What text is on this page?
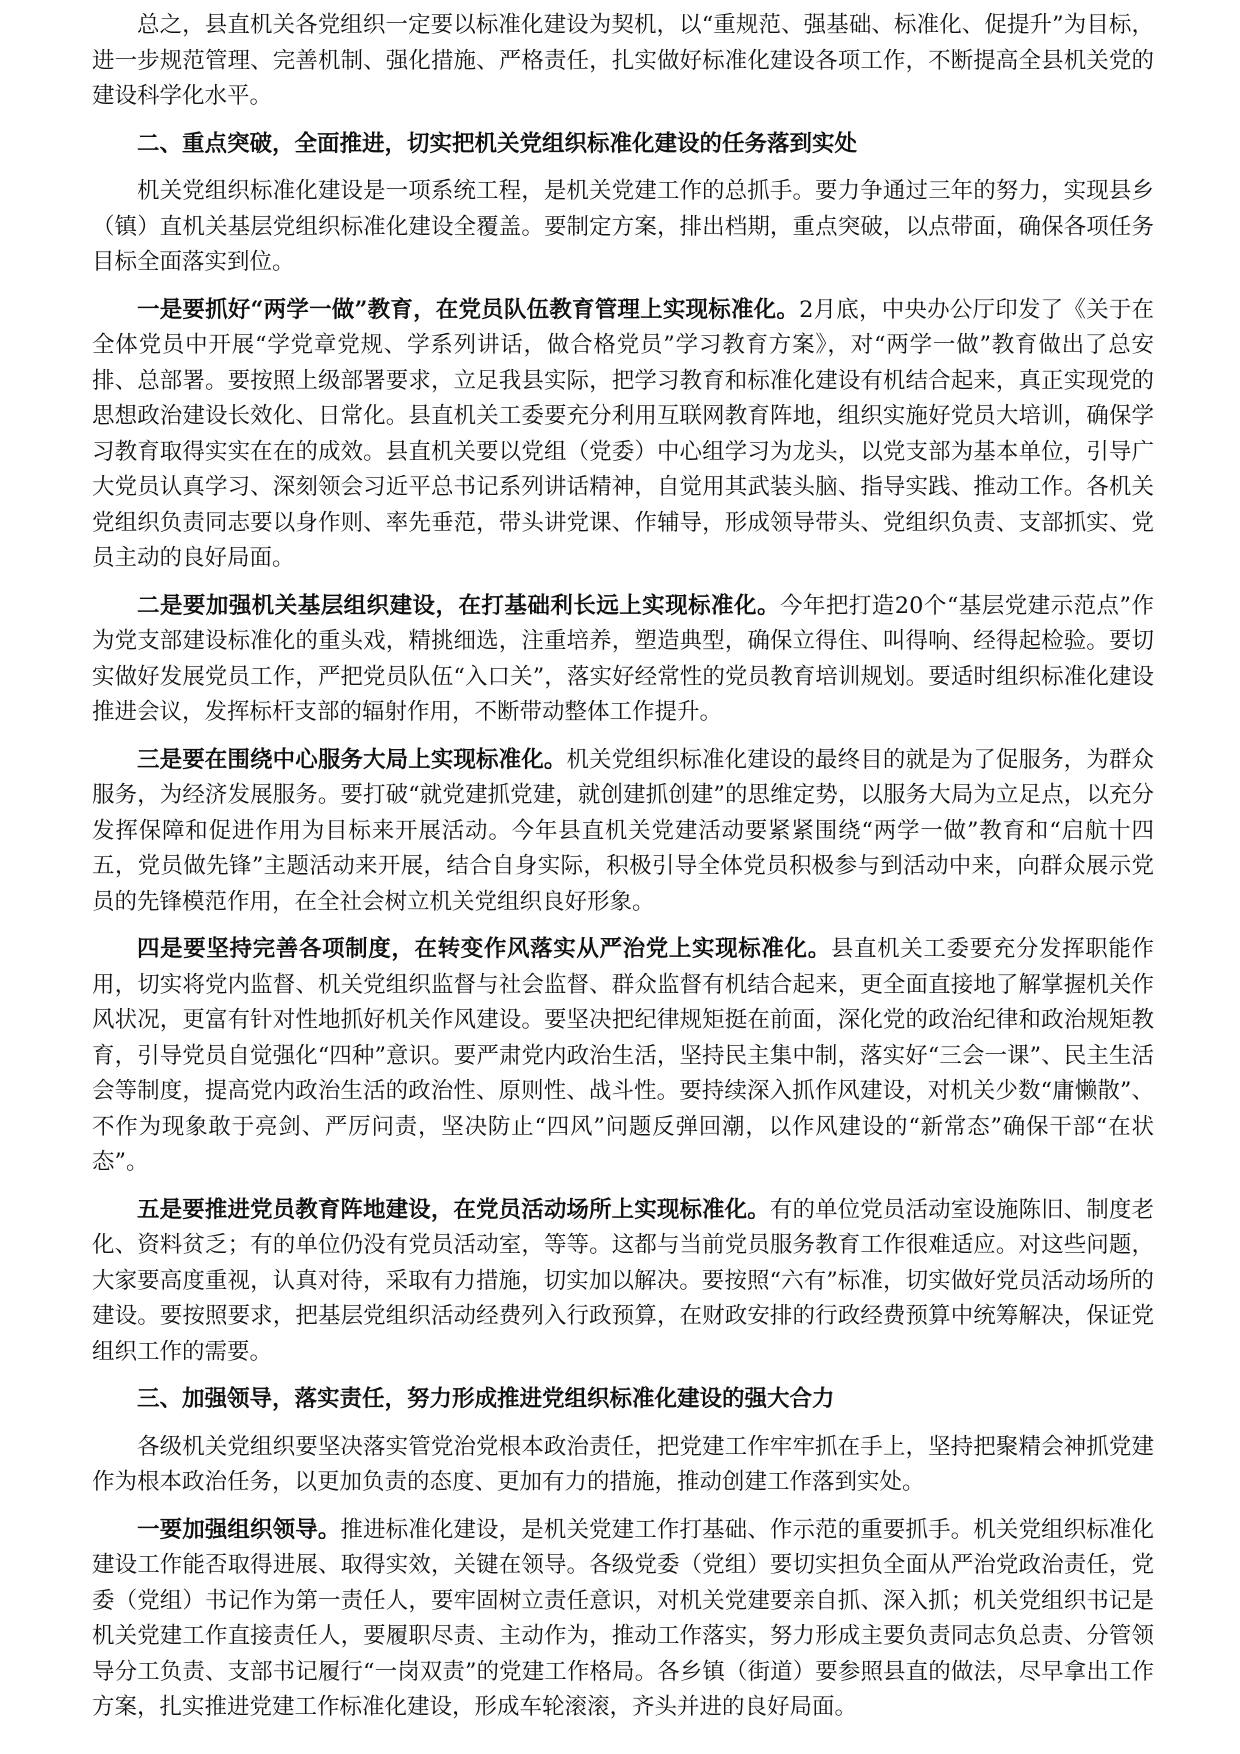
总之，县直机关各党组织一定要以标准化建设为契机，以“重规范、强基础、标准化、促提升”为目标，进一步规范管理、完善机制、强化措施、严格责任，扎实做好标准化建设各项工作，不断提高全县机关党的建设科学化水平。

二、重点突破，全面推进，切实把机关党组织标准化建设的任务落到实处

机关党组织标准化建设是一项系统工程，是机关党建工作的总抓手。要力争通过三年的努力，实现县乡（镇）直机关基层党组织标准化建设全覆盖。要制定方案，排出档期，重点突破，以点带面，确保各项任务目标全面落实到位。

一是要抓好“两学一做”教育，在党员队伍教育管理上实现标准化。2月底，中央办公厅印发了《关于在全体党员中开展“学党章党规、学系列讲话，做合格党员”学习教育方案》，对“两学一做”教育做出了总安排、总部署。要按照上级部署要求，立足我县实际，把学习教育和标准化建设有机结合起来，真正实现党的思想政治建设长效化、日常化。县直机关工委要充分利用互联网教育阵地，组织实施好党员大培训，确保学习教育取得实实在在的成效。县直机关要以党组（党委）中心组学习为龙头，以党支部为基本单位，引导广大党员认真学习、深刻领会习近平总书记系列讲话精神，自觉用其武装头脑、指导实践、推动工作。各机关党组织负责同志要以身作则、率先垂范，带头讲党课、作辅导，形成领导带头、党组织负责、支部抓实、党员主动的良好局面。

二是要加强机关基层组织建设，在打基础利长远上实现标准化。今年把打造20个“基层党建示范点”作为党支部建设标准化的重头戏，精挑细选，注重培养，塑造典型，确保立得住、叫得响、经得起检验。要切实做好发展党员工作，严把党员队伍“入口关”，落实好经常性的党员教育培训规划。要适时组织标准化建设推进会议，发挥标杆支部的辐射作用，不断带动整体工作提升。

三是要在围绕中心服务大局上实现标准化。机关党组织标准化建设的最终目的就是为了促服务，为群众服务，为经济发展服务。要打破“就党建抓党建，就创建抓创建”的思维定势，以服务大局为立足点，以充分发挥保障和促进作用为目标来开展活动。今年县直机关党建活动要紧紧围绕“两学一做”教育和“启航十四五，党员做先锋”主题活动来开展，结合自身实际，积极引导全体党员积极参与到活动中来，向群众展示党员的先锋模范作用，在全社会树立机关党组织良好形象。

四是要坚持完善各项制度，在转变作风落实从严治党上实现标准化。县直机关工委要充分发挥职能作用，切实将党内监督、机关党组织监督与社会监督、群众监督有机结合起来，更全面直接地了解掌握机关作风状况，更富有针对性地抓好机关作风建设。要坚决把纪律规矩挺在前面，深化党的政治纪律和政治规矩教育，引导党员自觉强化“四种”意识。要严肃党内政治生活，坚持民主集中制，落实好“三会一课”、民主生活会等制度，提高党内政治生活的政治性、原则性、战斗性。要持续深入抓作风建设，对机关少数“庸懒散”、不作为现象敢于亮剑、严厉问责，坚决防止“四风”问题反弹回潮，以作风建设的“新常态”确保干部“在状态”。

五是要推进党员教育阵地建设，在党员活动场所上实现标准化。有的单位党员活动室设施陈旧、制度老化、资料贫乏；有的单位仍没有党员活动室，等等。这都与当前党员服务教育工作很难适应。对这些问题，大家要高度重视，认真对待，采取有力措施，切实加以解决。要按照“六有”标准，切实做好党员活动场所的建设。要按照要求，把基层党组织活动经费列入行政预算，在财政安排的行政经费预算中统筹解决，保证党组织工作的需要。

三、加强领导，落实责任，努力形成推进党组织标准化建设的强大合力

各级机关党组织要坚决落实管党治党根本政治责任，把党建工作牢牢抓在手上，坚持把聚精会神抓党建作为根本政治任务，以更加负责的态度、更加有力的措施，推动创建工作落到实处。

一要加强组织领导。推进标准化建设，是机关党建工作打基础、作示范的重要抓手。机关党组织标准化建设工作能否取得进展、取得实效，关键在领导。各级党委（党组）要切实担负全面从严治党政治责任，党委（党组）书记作为第一责任人，要牢固树立责任意识，对机关党建要亲自抓、深入抓；机关党组织书记是机关党建工作直接责任人，要履职尽责、主动作为，推动工作落实，努力形成主要负责同志负总责、分管领导分工负责、支部书记履行“一岗双责”的党建工作格局。各乡镇（街道）要参照县直的做法，尽早拿出工作方案，扎实推进党建工作标准化建设，形成车轮滚滚，齐头并进的良好局面。
